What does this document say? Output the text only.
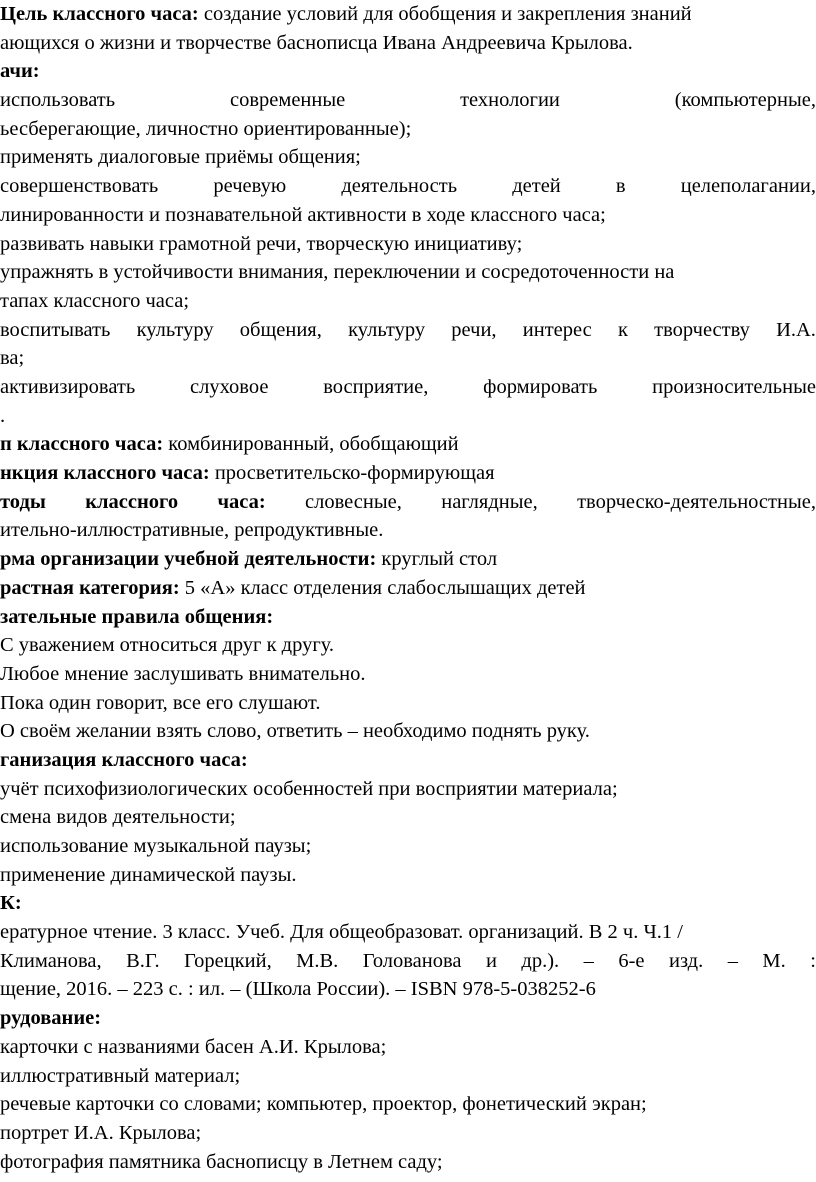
Цель классного часа: создание условий для обобщения и закрепления знаний
ающихся о жизни и творчестве баснописца Ивана Андреевича Крылова.
ачи:
использовать	современные	технологии	(компьютерные,
ьесберегающие, личностно ориентированные);
применять диалоговые приёмы общения;
совершенствовать	речевую	деятельность	детей	в	целеполагании,
линированности и познавательной активности в ходе классного часа;
развивать навыки грамотной речи, творческую инициативу;
упражнять в устойчивости внимания, переключении и сосредоточенности на
тапах классного часа;
воспитывать культуру общения, культуру речи, интерес к творчеству И.А.
ва;
активизировать	слуховое	восприятие,	формировать	произносительные
.
п классного часа: комбинированный, обобщающий
нкция классного часа: просветительско-формирующая
тоды классного часа: словесные, наглядные, творческо-деятельностные,
ительно-иллюстративные, репродуктивные.
рма организации учебной деятельности: круглый стол
растная категория: 5 «А» класс отделения слабослышащих детей
зательные правила общения:
С уважением относиться друг к другу.
Любое мнение заслушивать внимательно.
Пока один говорит, все его слушают.
О своём желании взять слово, ответить – необходимо поднять руку.
ганизация классного часа:
учёт психофизиологических особенностей при восприятии материала;
смена видов деятельности;
использование музыкальной паузы;
применение динамической паузы.
К:
ературное чтение. 3 класс. Учеб. Для общеобразоват. организаций. В 2 ч. Ч.1 /
Климанова, В.Г. Горецкий, М.В. Голованова и др.). – 6-е изд. – М. :
щение, 2016. – 223 с. : ил. – (Школа России). – ISBN 978-5-038252-6
рудование:
карточки с названиями басен А.И. Крылова;
иллюстративный материал;
речевые карточки со словами; компьютер, проектор, фонетический экран;
портрет И.А. Крылова;
фотография памятника баснописцу в Летнем саду;
